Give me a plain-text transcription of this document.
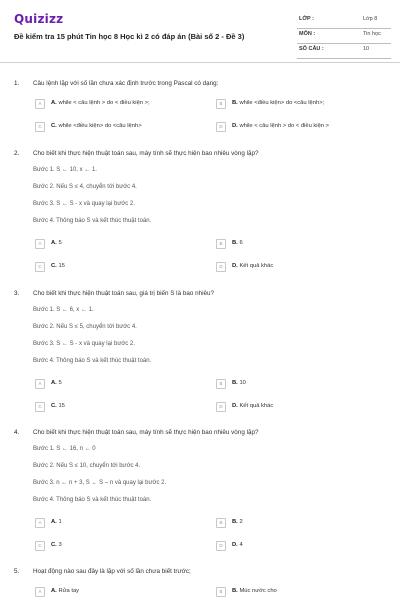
Quizizz
Đề kiểm tra 15 phút Tin học 8 Học kì 2 có đáp án (Bài số 2 - Đề 3)
LỚP :	Lớp 8
MÔN :	Tin học
SỐ CÂU :	10
1. Câu lệnh lặp với số lần chưa xác định trước trong Pascal có dạng:
A	A. while < câu lệnh > do < điều kiện >;	B	B. while <điều kiện> do <câu lệnh>;
C	C. while <điều kiện> do <câu lệnh>	D	D. while < câu lệnh > do < điều kiện >
2. Cho biết khi thực hiện thuật toán sau, máy tính sẽ thực hiện bao nhiêu vòng lặp?
Bước 1. S ← 10, x ← 1.
Bước 2. Nếu S ≤ 4, chuyển tới bước 4.
Bước 3. S ← S - x và quay lại bước 2.
Bước 4. Thông báo S và kết thúc thuật toán.
A	A. 5	B	B. 6
C	C. 15	D	D. Kết quả khác
3. Cho biết khi thực hiện thuật toán sau, giá trị biến S là bao nhiêu?
Bước 1. S ← 6, x ← 1.
Bước 2. Nếu S ≤ 5, chuyển tới bước 4.
Bước 3. S ← S - x và quay lại bước 2.
Bước 4. Thông báo S và kết thúc thuật toán.
A	A. 5	B	B. 10
C	C. 15	D	D. Kết quả khác
4. Cho biết khi thực hiện thuật toán sau, máy tính sẽ thực hiện bao nhiêu vòng lặp?
Bước 1. S ← 16, n ← 0
Bước 2. Nếu S ≤ 10, chuyển tới bước 4.
Bước 3. n ← n + 3, S ← S – n và quay lại bước 2.
Bước 4. Thông báo S và kết thúc thuật toán.
A	A. 1	B	B. 2
C	C. 3	D	D. 4
5. Hoạt động nào sau đây là lặp với số lần chưa biết trước;
A	A. Rửa tay	B	B. Múc nước cho
